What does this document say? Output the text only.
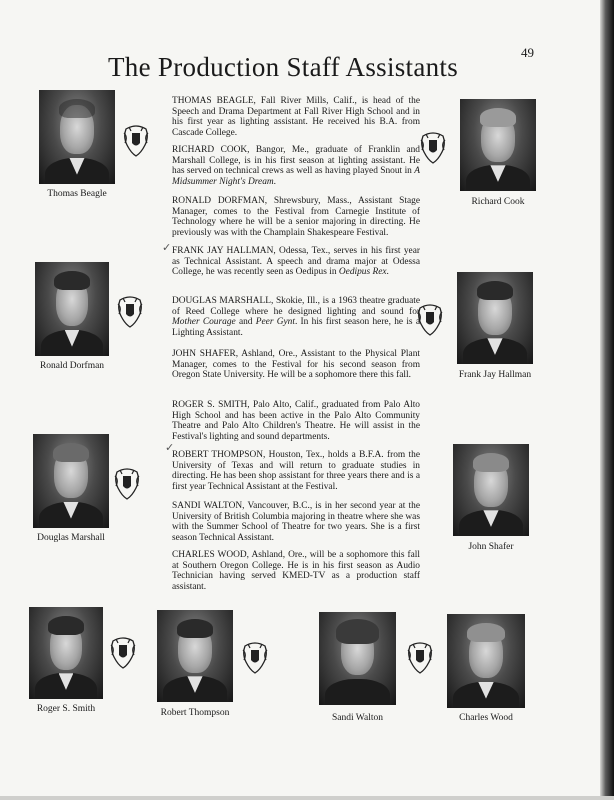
49
The Production Staff Assistants

THOMAS BEAGLE, Fall River Mills, Calif., is head of the Speech and Drama Department at Fall River High School and in his first year as lighting assistant. He received his B.A. from Cascade College.

RICHARD COOK, Bangor, Me., graduate of Franklin and Marshall College, is in his first season at lighting assistant. He has served on technical crews as well as having played Snout in A Midsummer Night's Dream.

RONALD DORFMAN, Shrewsbury, Mass., Assistant Stage Manager, comes to the Festival from Carnegie Institute of Technology where he will be a senior majoring in directing. He previously was with the Champlain Shakespeare Festival.

FRANK JAY HALLMAN, Odessa, Tex., serves in his first year as Technical Assistant. A speech and drama major at Odessa College, he was recently seen as Oedipus in Oedipus Rex.

DOUGLAS MARSHALL, Skokie, Ill., is a 1963 theatre graduate of Reed College where he designed lighting and sound for Mother Courage and Peer Gynt. In his first season here, he is a Lighting Assistant.

JOHN SHAFER, Ashland, Ore., Assistant to the Physical Plant Manager, comes to the Festival for his second season from Oregon State University. He will be a sophomore there this fall.

ROGER S. SMITH, Palo Alto, Calif., graduated from Palo Alto High School and has been active in the Palo Alto Community Theatre and Palo Alto Children's Theatre. He will assist in the Festival's lighting and sound departments.

ROBERT THOMPSON, Houston, Tex., holds a B.F.A. from the University of Texas and will return to graduate studies in directing. He has been shop assistant for three years there and is a first year Technical Assistant at the Festival.

SANDI WALTON, Vancouver, B.C., is in her second year at the University of British Columbia majoring in theatre where she was with the Summer School of Theatre for two years. She is a first season Technical Assistant.

CHARLES WOOD, Ashland, Ore., will be a sophomore this fall at Southern Oregon College. He is in his first season as Audio Technician having served KMED-TV as a production staff assistant.

✓
✓
Thomas Beagle
Richard Cook
Ronald Dorfman
Frank Jay Hallman
Douglas Marshall
John Shafer
Roger S. Smith	Robert Thompson	Sandi Walton	Charles Wood
